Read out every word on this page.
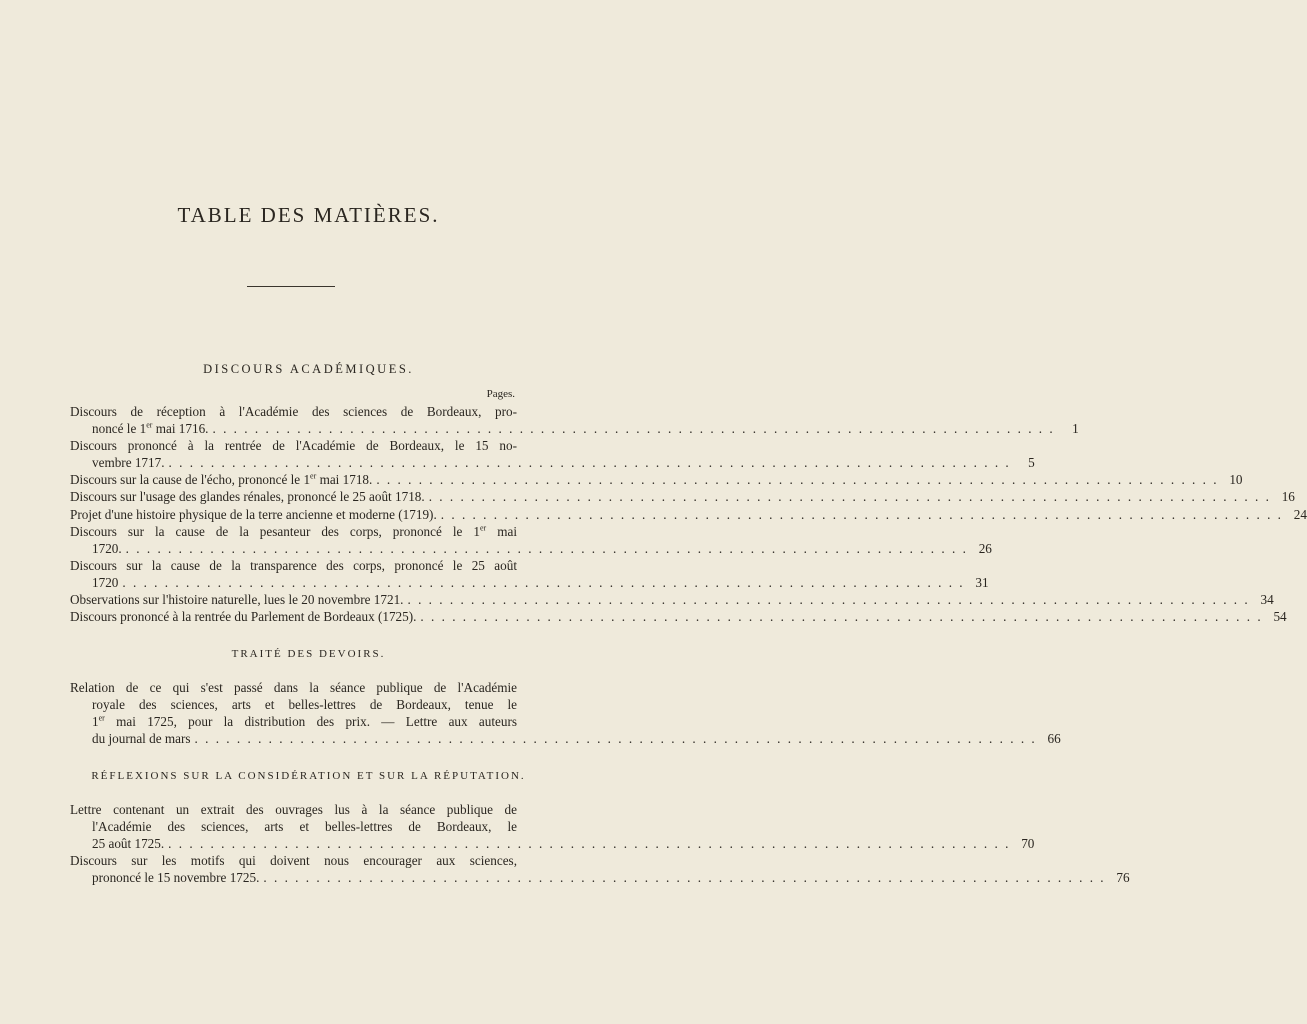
TABLE DES MATIÈRES.
DISCOURS ACADÉMIQUES.
Pages.
Discours de réception à l'Académie des sciences de Bordeaux, pro-
noncé le 1er mai 1716. . . . . . . . . . . . . . . . . . . . . . . . . . . . . . . . . . . . . . . . . . . . . . . . . . . . . . . . . . . . . . . . . . . . . . . . . . . . . . . . .	1
Discours prononcé à la rentrée de l'Académie de Bordeaux, le 15 no-
vembre 1717. . . . . . . . . . . . . . . . . . . . . . . . . . . . . . . . . . . . . . . . . . . . . . . . . . . . . . . . . . . . . . . . . . . . . . . . . . . . . . . . .	5
Discours sur la cause de l'écho, prononcé le 1er mai 1718. . . . . . . . . . . . . . . . . . . . . . . . . . . . . . . . . . . . . . . . . . . . . . . . . . . . . . . . . . . . . . . . . . . . . . . . . . . . . . . . . 10
Discours sur l'usage des glandes rénales, prononcé le 25 août 1718. . . . . . . . . . . . . . . . . . . . . . . . . . . . . . . . . . . . . . . . . . . . . . . . . . . . . . . . . . . . . . . . . . . . . . . . . . . . . . . . . 16
Projet d'une histoire physique de la terre ancienne et moderne (1719). . . . . . . . . . . . . . . . . . . . . . . . . . . . . . . . . . . . . . . . . . . . . . . . . . . . . . . . . . . . . . . . . . . . . . . . . . . . . . . . . 24
Discours sur la cause de la pesanteur des corps, prononcé le 1er mai
1720. . . . . . . . . . . . . . . . . . . . . . . . . . . . . . . . . . . . . . . . . . . . . . . . . . . . . . . . . . . . . . . . . . . . . . . . . . . . . . . . . 26
Discours sur la cause de la transparence des corps, prononcé le 25 août
1720 . . . . . . . . . . . . . . . . . . . . . . . . . . . . . . . . . . . . . . . . . . . . . . . . . . . . . . . . . . . . . . . . . . . . . . . . . . . . . . . . 31
Observations sur l'histoire naturelle, lues le 20 novembre 1721. . . . . . . . . . . . . . . . . . . . . . . . . . . . . . . . . . . . . . . . . . . . . . . . . . . . . . . . . . . . . . . . . . . . . . . . . . . . . . . . . 34
Discours prononcé à la rentrée du Parlement de Bordeaux (1725). . . . . . . . . . . . . . . . . . . . . . . . . . . . . . . . . . . . . . . . . . . . . . . . . . . . . . . . . . . . . . . . . . . . . . . . . . . . . . . . . 54
TRAITÉ DES DEVOIRS.
Relation de ce qui s'est passé dans la séance publique de l'Académie
royale des sciences, arts et belles-lettres de Bordeaux, tenue le
1er mai 1725, pour la distribution des prix. — Lettre aux auteurs
du journal de mars . . . . . . . . . . . . . . . . . . . . . . . . . . . . . . . . . . . . . . . . . . . . . . . . . . . . . . . . . . . . . . . . . . . . . . . . . . . . . . . . 66
RÉFLEXIONS SUR LA CONSIDÉRATION ET SUR LA RÉPUTATION.
Lettre contenant un extrait des ouvrages lus à la séance publique de
l'Académie des sciences, arts et belles-lettres de Bordeaux, le
25 août 1725. . . . . . . . . . . . . . . . . . . . . . . . . . . . . . . . . . . . . . . . . . . . . . . . . . . . . . . . . . . . . . . . . . . . . . . . . . . . . . . . . 70
Discours sur les motifs qui doivent nous encourager aux sciences,
prononcé le 15 novembre 1725. . . . . . . . . . . . . . . . . . . . . . . . . . . . . . . . . . . . . . . . . . . . . . . . . . . . . . . . . . . . . . . . . . . . . . . . . . . . . . . . . 76
